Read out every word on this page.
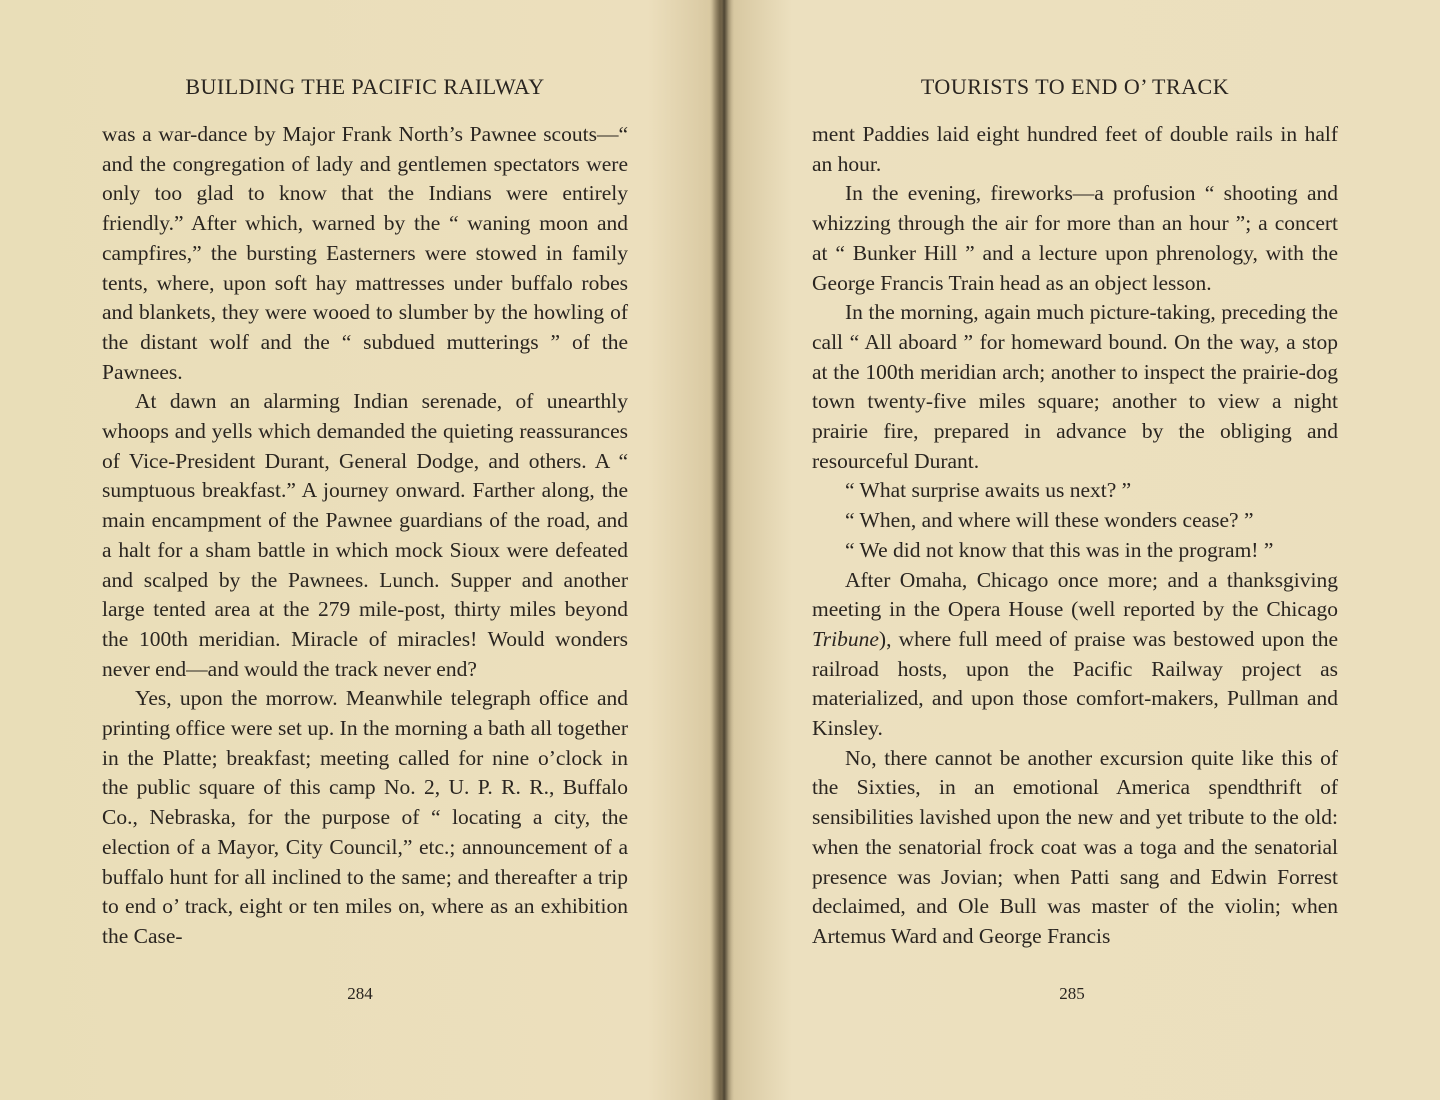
BUILDING THE PACIFIC RAILWAY

was a war-dance by Major Frank North’s Pawnee scouts—“ and the congregation of lady and gentlemen spectators were only too glad to know that the Indians were entirely friendly.” After which, warned by the “ waning moon and campfires,” the bursting Easterners were stowed in family tents, where, upon soft hay mattresses under buffalo robes and blankets, they were wooed to slumber by the howling of the distant wolf and the “ subdued mutterings ” of the Pawnees.

At dawn an alarming Indian serenade, of unearthly whoops and yells which demanded the quieting reassurances of Vice-President Durant, General Dodge, and others. A “ sumptuous breakfast.” A journey onward. Farther along, the main encampment of the Pawnee guardians of the road, and a halt for a sham battle in which mock Sioux were defeated and scalped by the Pawnees. Lunch. Supper and another large tented area at the 279 mile-post, thirty miles beyond the 100th meridian. Miracle of miracles! Would wonders never end—and would the track never end?

Yes, upon the morrow. Meanwhile telegraph office and printing office were set up. In the morning a bath all together in the Platte; breakfast; meeting called for nine o’clock in the public square of this camp No. 2, U. P. R. R., Buffalo Co., Nebraska, for the purpose of “ locating a city, the election of a Mayor, City Council,” etc.; announcement of a buffalo hunt for all inclined to the same; and thereafter a trip to end o’ track, eight or ten miles on, where as an exhibition the Case-

284
TOURISTS TO END O’ TRACK

ment Paddies laid eight hundred feet of double rails in half an hour.

In the evening, fireworks—a profusion “ shooting and whizzing through the air for more than an hour ”; a concert at “ Bunker Hill ” and a lecture upon phrenology, with the George Francis Train head as an object lesson.

In the morning, again much picture-taking, preceding the call “ All aboard ” for homeward bound. On the way, a stop at the 100th meridian arch; another to inspect the prairie-dog town twenty-five miles square; another to view a night prairie fire, prepared in advance by the obliging and resourceful Durant.

“ What surprise awaits us next? ”

“ When, and where will these wonders cease? ”

“ We did not know that this was in the program! ”

After Omaha, Chicago once more; and a thanksgiving meeting in the Opera House (well reported by the Chicago Tribune), where full meed of praise was bestowed upon the railroad hosts, upon the Pacific Railway project as materialized, and upon those comfort-makers, Pullman and Kinsley.

No, there cannot be another excursion quite like this of the Sixties, in an emotional America spendthrift of sensibilities lavished upon the new and yet tribute to the old: when the senatorial frock coat was a toga and the senatorial presence was Jovian; when Patti sang and Edwin Forrest declaimed, and Ole Bull was master of the violin; when Artemus Ward and George Francis

285
